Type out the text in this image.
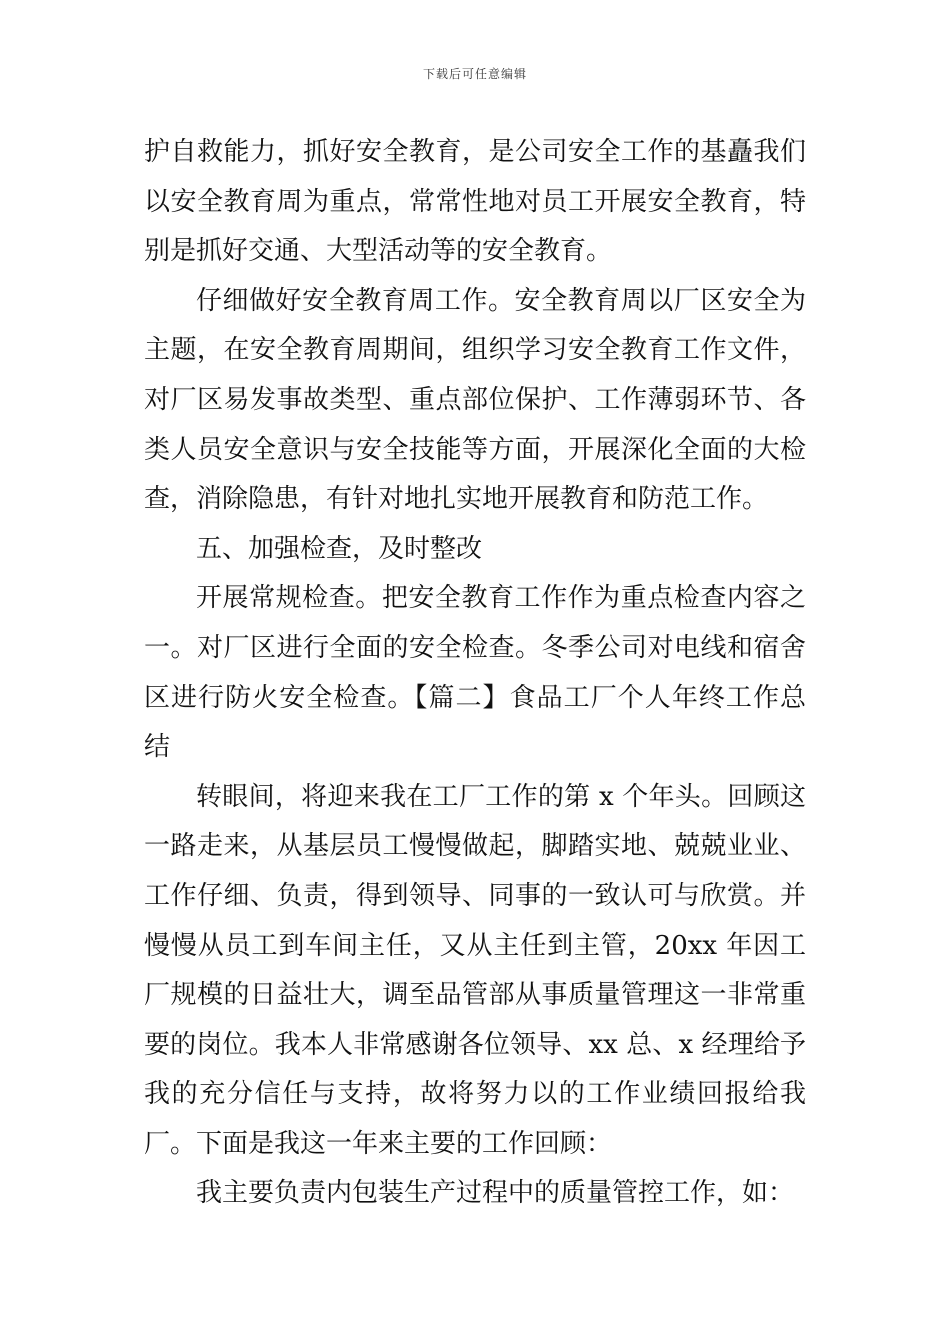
下载后可任意编辑

护自救能力，抓好安全教育，是公司安全工作的基矗我们以安全教育周为重点，常常性地对员工开展安全教育，特别是抓好交通、大型活动等的安全教育。

仔细做好安全教育周工作。安全教育周以厂区安全为主题，在安全教育周期间，组织学习安全教育工作文件，对厂区易发事故类型、重点部位保护、工作薄弱环节、各类人员安全意识与安全技能等方面，开展深化全面的大检查，消除隐患，有针对地扎实地开展教育和防范工作。

五、加强检查，及时整改

开展常规检查。把安全教育工作作为重点检查内容之一。对厂区进行全面的安全检查。冬季公司对电线和宿舍区进行防火安全检查。【篇二】食品工厂个人年终工作总结

转眼间，将迎来我在工厂工作的第 x 个年头。回顾这一路走来，从基层员工慢慢做起，脚踏实地、兢兢业业、工作仔细、负责，得到领导、同事的一致认可与欣赏。并慢慢从员工到车间主任，又从主任到主管，20xx 年因工厂规模的日益壮大，调至品管部从事质量管理这一非常重要的岗位。我本人非常感谢各位领导、xx 总、x 经理给予我的充分信任与支持，故将努力以的工作业绩回报给我厂。下面是我这一年来主要的工作回顾：

我主要负责内包装生产过程中的质量管控工作，如：
